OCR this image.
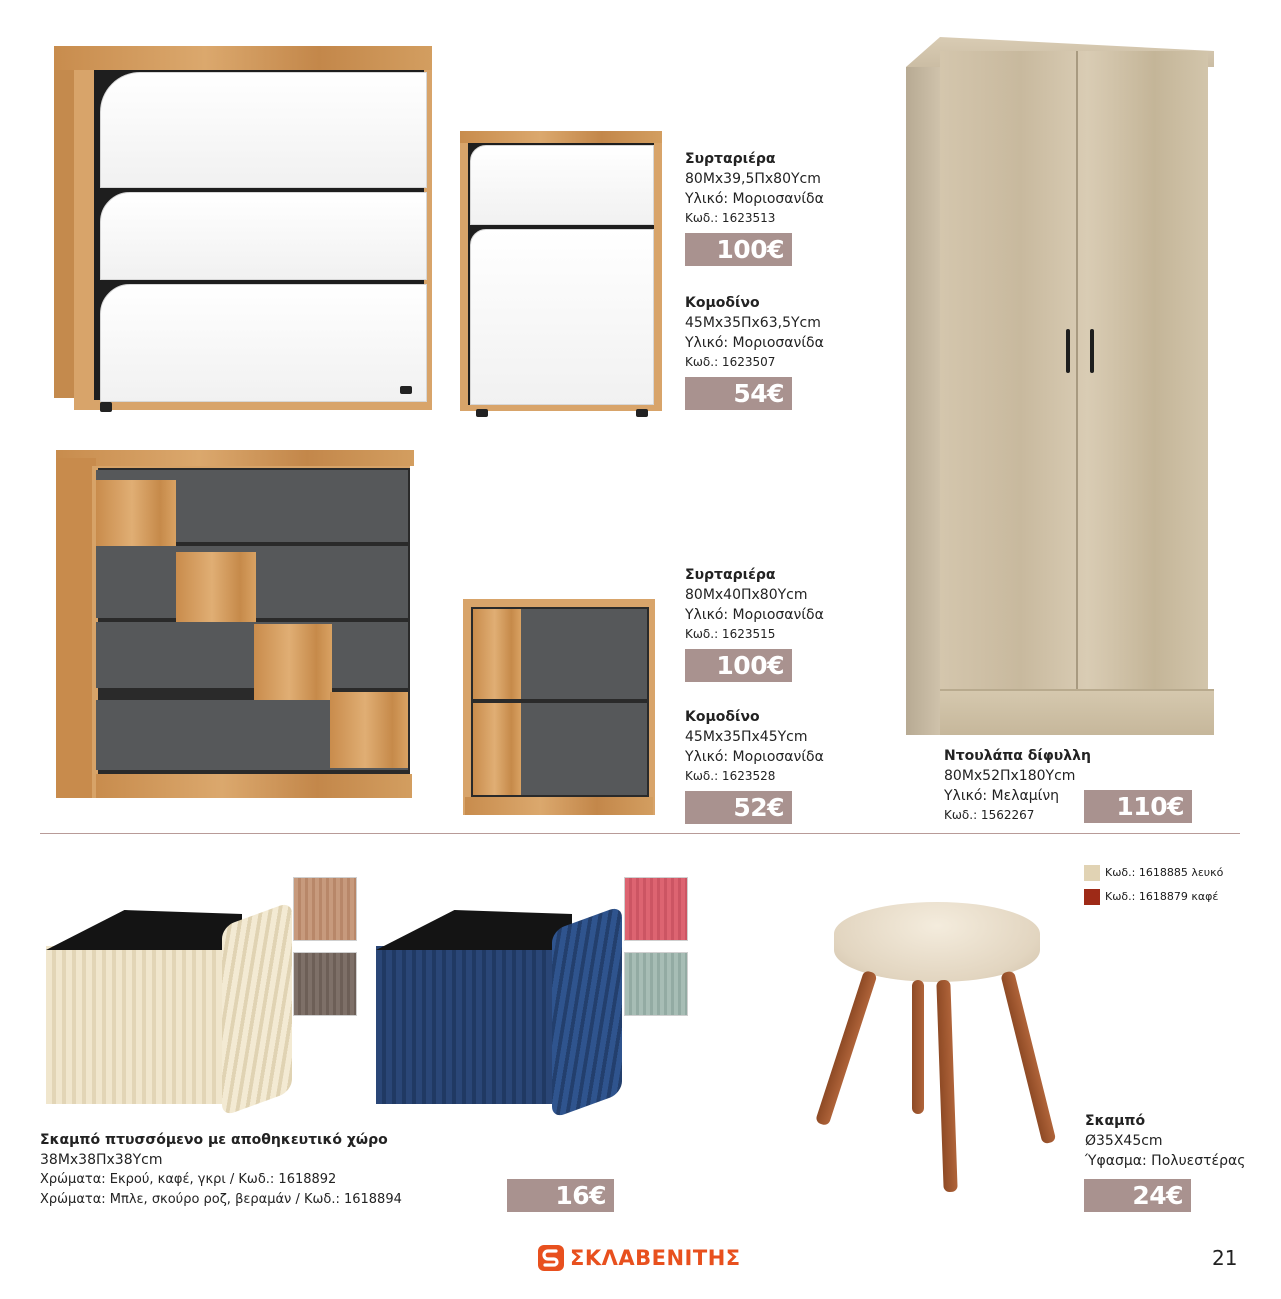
Συρταριέρα
80Μx39,5Πx80Υcm
Υλικό: Μοριοσανίδα
Κωδ.: 1623513
100€
Κομοδίνο
45Μx35Πx63,5Υcm
Υλικό: Μοριοσανίδα
Κωδ.: 1623507
54€
Συρταριέρα
80Μx40Πx80Υcm
Υλικό: Μοριοσανίδα
Κωδ.: 1623515
100€
Κομοδίνο
45Μx35Πx45Υcm
Υλικό: Μοριοσανίδα
Κωδ.: 1623528
52€
Ντουλάπα δίφυλλη
80Μx52Πx180Υcm
Υλικό: Μελαμίνη
Κωδ.: 1562267	110€
Σκαμπό πτυσσόμενο με αποθηκευτικό χώρο
38Μx38Πx38Υcm
Χρώματα: Εκρού, καφέ, γκρι / Κωδ.: 1618892
Χρώματα: Μπλε, σκούρο ροζ, βεραμάν / Κωδ.: 1618894	16€
Κωδ.: 1618885 λευκό
Κωδ.: 1618879 καφέ
Σκαμπό
Ø35Χ45cm
Ύφασμα: Πολυεστέρας
24€
ΣΚΛΑΒΕΝΙΤΗΣ	21
